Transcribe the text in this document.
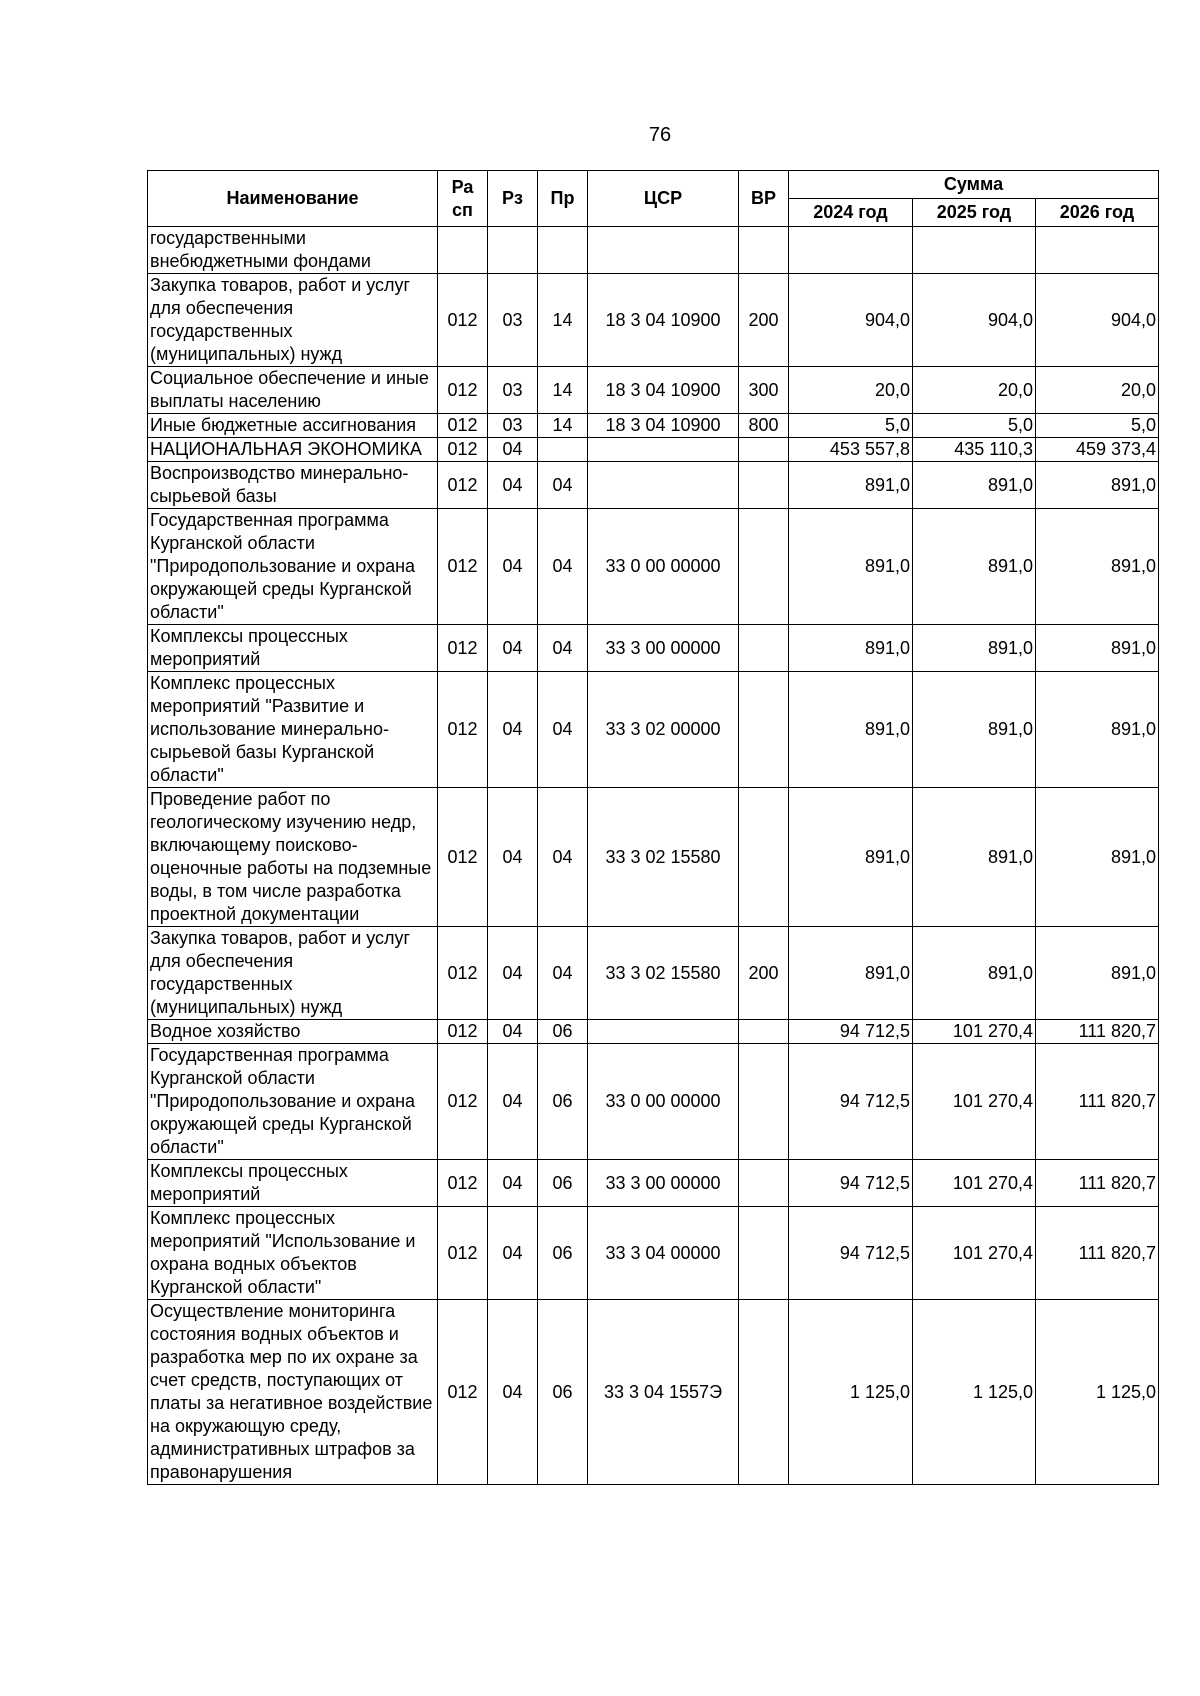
76
Наименование	Ра сп	Рз	Пр	ЦСР	ВР	Сумма		
						2024 год	2025 год	2026 год
государственными внебюджетными фондами								
Закупка товаров, работ и услуг для обеспечения государственных (муниципальных) нужд	012	03	14	18 3 04 10900	200	904,0	904,0	904,0
Социальное обеспечение и иные выплаты населению	012	03	14	18 3 04 10900	300	20,0	20,0	20,0
Иные бюджетные ассигнования	012	03	14	18 3 04 10900	800	5,0	5,0	5,0
НАЦИОНАЛЬНАЯ ЭКОНОМИКА	012	04				453 557,8	435 110,3	459 373,4
Воспроизводство минерально-сырьевой базы	012	04	04			891,0	891,0	891,0
Государственная программа Курганской области "Природопользование и охрана окружающей среды Курганской области"	012	04	04	33 0 00 00000		891,0	891,0	891,0
Комплексы процессных мероприятий	012	04	04	33 3 00 00000		891,0	891,0	891,0
Комплекс процессных мероприятий "Развитие и использование минерально-сырьевой базы Курганской области"	012	04	04	33 3 02 00000		891,0	891,0	891,0
Проведение работ по геологическому изучению недр, включающему поисково-оценочные работы на подземные воды, в том числе разработка проектной документации	012	04	04	33 3 02 15580		891,0	891,0	891,0
Закупка товаров, работ и услуг для обеспечения государственных (муниципальных) нужд	012	04	04	33 3 02 15580	200	891,0	891,0	891,0
Водное хозяйство	012	04	06			94 712,5	101 270,4	111 820,7
Государственная программа Курганской области "Природопользование и охрана окружающей среды Курганской области"	012	04	06	33 0 00 00000		94 712,5	101 270,4	111 820,7
Комплексы процессных мероприятий	012	04	06	33 3 00 00000		94 712,5	101 270,4	111 820,7
Комплекс процессных мероприятий "Использование и охрана водных объектов Курганской области"	012	04	06	33 3 04 00000		94 712,5	101 270,4	111 820,7
Осуществление мониторинга состояния водных объектов и разработка мер по их охране за счет средств, поступающих от платы за негативное воздействие на окружающую среду, административных штрафов за правонарушения	012	04	06	33 3 04 1557Э		1 125,0	1 125,0	1 125,0
